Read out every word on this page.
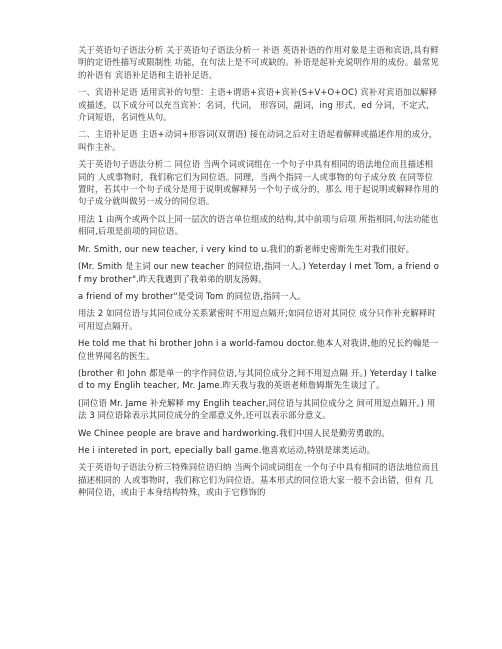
关于英语句子语法分析 关于英语句子语法分析一 补语 英语补语的作用对象是主语和宾语,具有鲜明的定语性描写或限制性 功能，在句法上是不可或缺的。补语是起补充说明作用的成份。最常见的补语有 宾语补足语和主语补足语。

一、宾语补足语 适用宾补的句型：主语+谓语+宾语+宾补(S+V+O+OC) 宾补对宾语加以解释或描述，以下成分可以充当宾补：名词，代词， 形容词，副词，ing 形式，ed 分词，不定式，介词短语，名词性从句。

二、主语补足语 主语+动词+形容词(双谓语) 接在动词之后对主语起着解释或描述作用的成分，叫作主补。

关于英语句子语法分析二 同位语 当两个词或词组在一个句子中具有相同的语法地位而且描述相同的 人或事物时，我们称它们为同位语。同理，当两个指同一人或事物的句子成分放 在同等位置时，若其中一个句子成分是用于说明或解释另一个句子成分的，那么 用于起说明或解释作用的句子成分就叫做另一成分的同位语。

用法 1 由两个或两个以上同一层次的语言单位组成的结构,其中前项与后项 所指相同,句法功能也相同,后项是前项的同位语。

Mr. Smith, our new teacher, i very kind to u.我们的新老师史密斯先生对我们很好。

(Mr. Smith 是主词 our new teacher 的同位语,指同一人。) Yeterday I met Tom, a friend of my brother".昨天我遇到了我弟弟的朋友汤姆。

a friend of my brother"是受词 Tom 的同位语,指同一人。

用法 2 如同位语与其同位成分关系紧密时不用逗点隔开;如同位语对其同位 成分只作补充解释时可用逗点隔开。

He told me that hi brother John i a world-famou doctor.他本人对我讲,他的兄长约翰是一位世界闻名的医生。

(brother 和 John 都是单一的字作同位语,与其同位成分之间不用逗点隔 开。) Yeterday I talked to my Englih teacher, Mr. Jame.昨天我与我的英语老师詹姆斯先生谈过了。

(同位语 Mr. Jame 补充解释 my Englih teacher,同位语与其同位成分之 间可用逗点隔开。) 用法 3 同位语除表示其同位成分的全部意义外,还可以表示部分意义。

We Chinee people are brave and hardworking.我们中国人民是勤劳勇敢的。

He i intereted in port, epecially ball game.他喜欢运动,特别是球类运动。

关于英语句子语法分析三特殊同位语归纳 当两个词或词组在一个句子中具有相同的语法地位而且描述相同的 人或事物时，我们称它们为同位语。基本形式的同位语大家一般不会出错，但有 几种同位语，或由于本身结构特殊，或由于它修饰的
